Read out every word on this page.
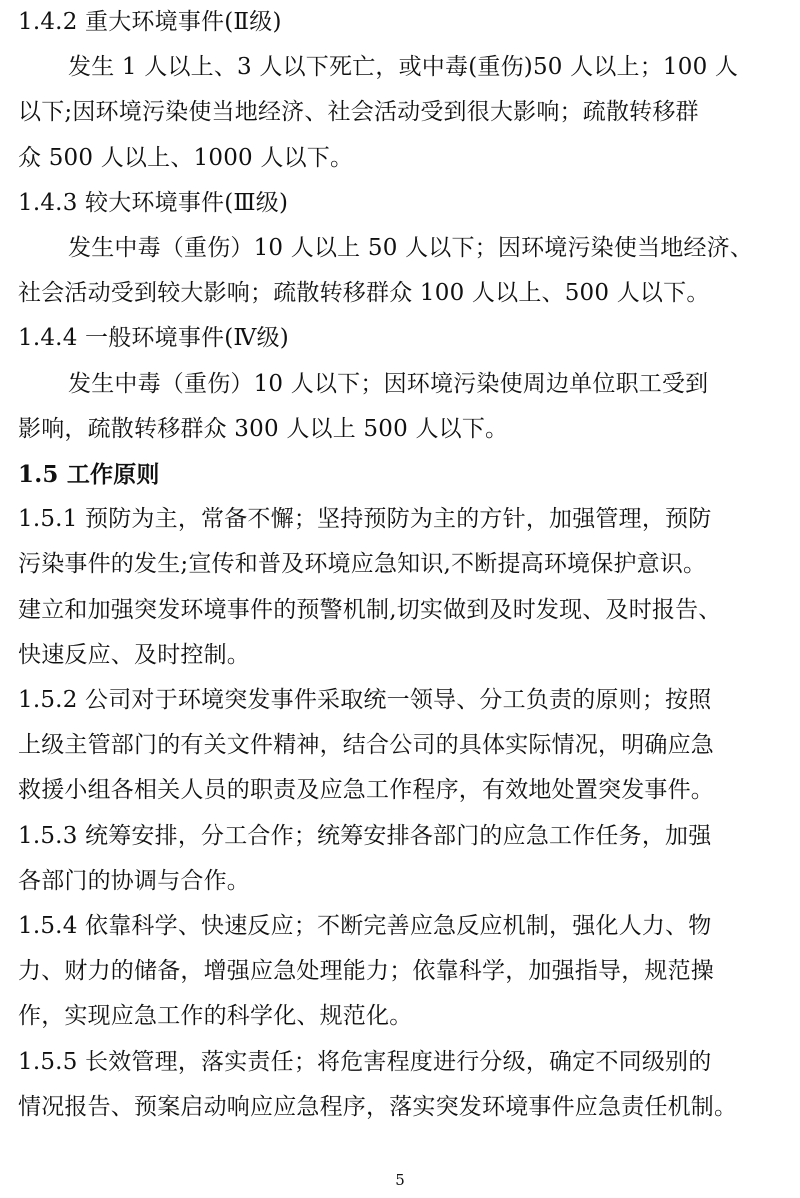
1.4.2 重大环境事件(Ⅱ级)
发生 1 人以上、3 人以下死亡，或中毒(重伤)50 人以上；100 人
以下;因环境污染使当地经济、社会活动受到很大影响；疏散转移群
众 500 人以上、1000 人以下。
1.4.3 较大环境事件(Ⅲ级)
发生中毒（重伤）10 人以上 50 人以下；因环境污染使当地经济、
社会活动受到较大影响；疏散转移群众 100 人以上、500 人以下。
1.4.4 一般环境事件(Ⅳ级)
发生中毒（重伤）10 人以下；因环境污染使周边单位职工受到
影响，疏散转移群众 300 人以上 500 人以下。
1.5 工作原则
1.5.1 预防为主，常备不懈；坚持预防为主的方针，加强管理，预防
污染事件的发生;宣传和普及环境应急知识,不断提高环境保护意识。
建立和加强突发环境事件的预警机制,切实做到及时发现、及时报告、
快速反应、及时控制。
1.5.2 公司对于环境突发事件采取统一领导、分工负责的原则；按照
上级主管部门的有关文件精神，结合公司的具体实际情况，明确应急
救援小组各相关人员的职责及应急工作程序，有效地处置突发事件。
1.5.3 统筹安排，分工合作；统筹安排各部门的应急工作任务，加强
各部门的协调与合作。
1.5.4 依靠科学、快速反应；不断完善应急反应机制，强化人力、物
力、财力的储备，增强应急处理能力；依靠科学，加强指导，规范操
作，实现应急工作的科学化、规范化。
1.5.5 长效管理，落实责任；将危害程度进行分级，确定不同级别的
情况报告、预案启动响应应急程序，落实突发环境事件应急责任机制。
5
